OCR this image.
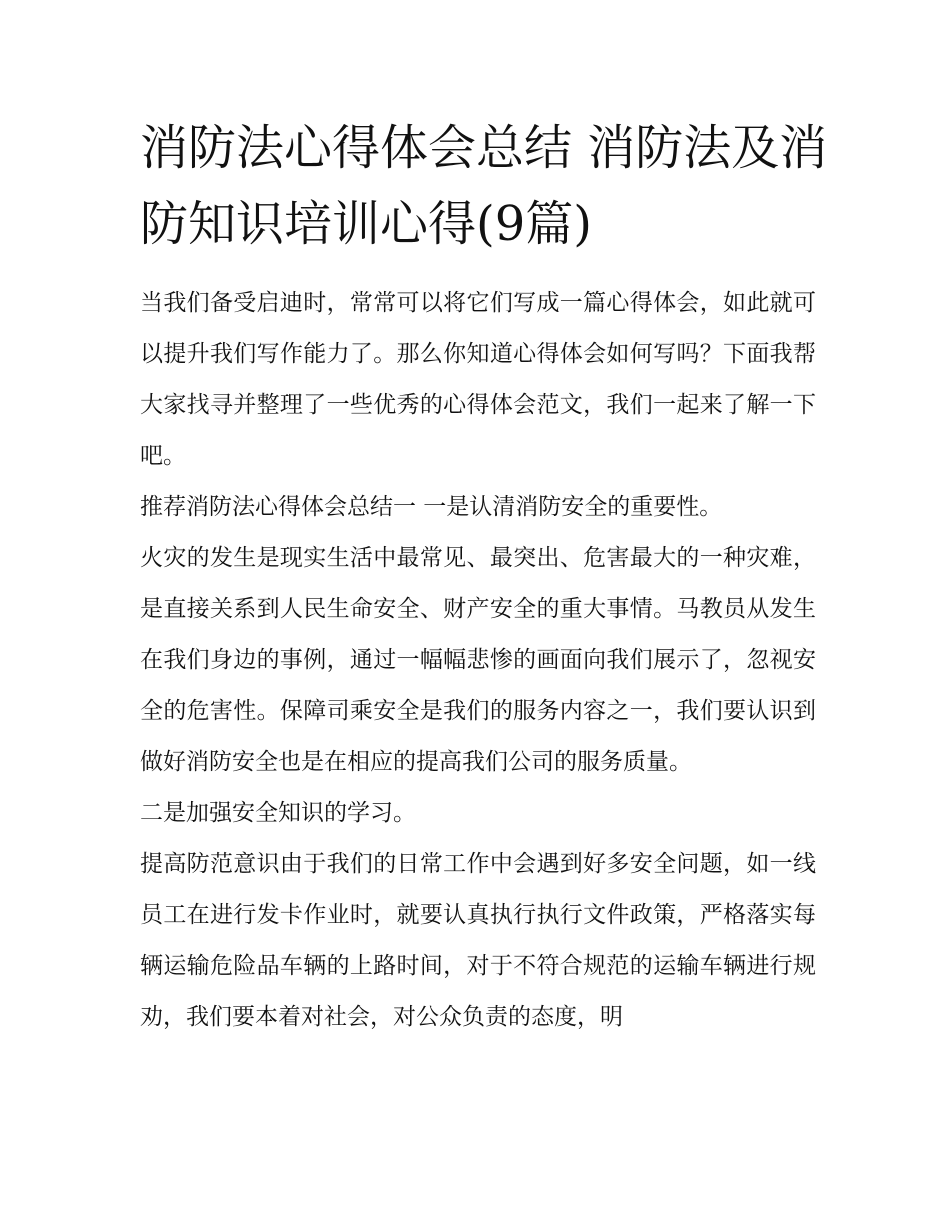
消防法心得体会总结 消防法及消防知识培训心得(9篇)

当我们备受启迪时，常常可以将它们写成一篇心得体会，如此就可以提升我们写作能力了。那么你知道心得体会如何写吗？下面我帮大家找寻并整理了一些优秀的心得体会范文，我们一起来了解一下吧。

推荐消防法心得体会总结一 一是认清消防安全的重要性。

火灾的发生是现实生活中最常见、最突出、危害最大的一种灾难，是直接关系到人民生命安全、财产安全的重大事情。马教员从发生在我们身边的事例，通过一幅幅悲惨的画面向我们展示了，忽视安全的危害性。保障司乘安全是我们的服务内容之一，我们要认识到做好消防安全也是在相应的提高我们公司的服务质量。

二是加强安全知识的学习。

提高防范意识由于我们的日常工作中会遇到好多安全问题，如一线员工在进行发卡作业时，就要认真执行执行文件政策，严格落实每辆运输危险品车辆的上路时间，对于不符合规范的运输车辆进行规劝，我们要本着对社会，对公众负责的态度，明
